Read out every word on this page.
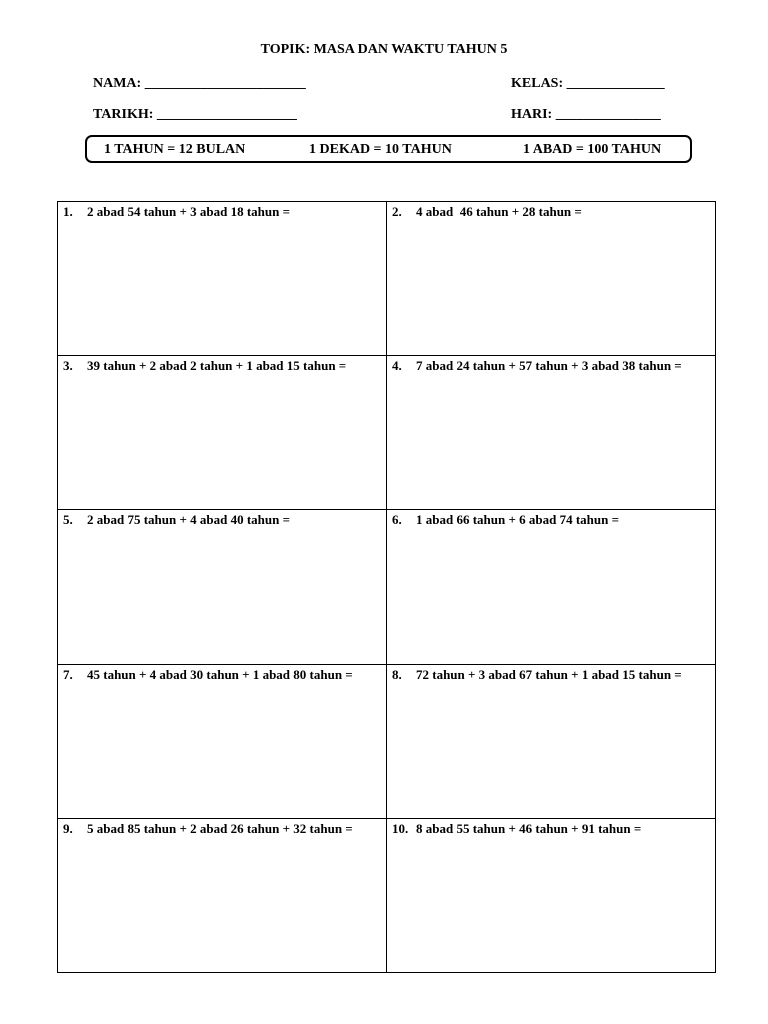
TOPIK: MASA DAN WAKTU TAHUN 5
NAMA: _______________________	KELAS: ______________
TARIKH: ____________________	HARI: _______________
1 TAHUN = 12 BULAN	1 DEKAD = 10 TAHUN	1 ABAD = 100 TAHUN
1.	2 abad 54 tahun + 3 abad 18 tahun =	2.	4 abad  46 tahun + 28 tahun =
3.	39 tahun + 2 abad 2 tahun + 1 abad 15 tahun =	4.	7 abad 24 tahun + 57 tahun + 3 abad 38 tahun =
5.	2 abad 75 tahun + 4 abad 40 tahun =	6.	1 abad 66 tahun + 6 abad 74 tahun =
7.	45 tahun + 4 abad 30 tahun + 1 abad 80 tahun =	8.	72 tahun + 3 abad 67 tahun + 1 abad 15 tahun =
9.	5 abad 85 tahun + 2 abad 26 tahun + 32 tahun =	10. 8 abad 55 tahun + 46 tahun + 91 tahun =
